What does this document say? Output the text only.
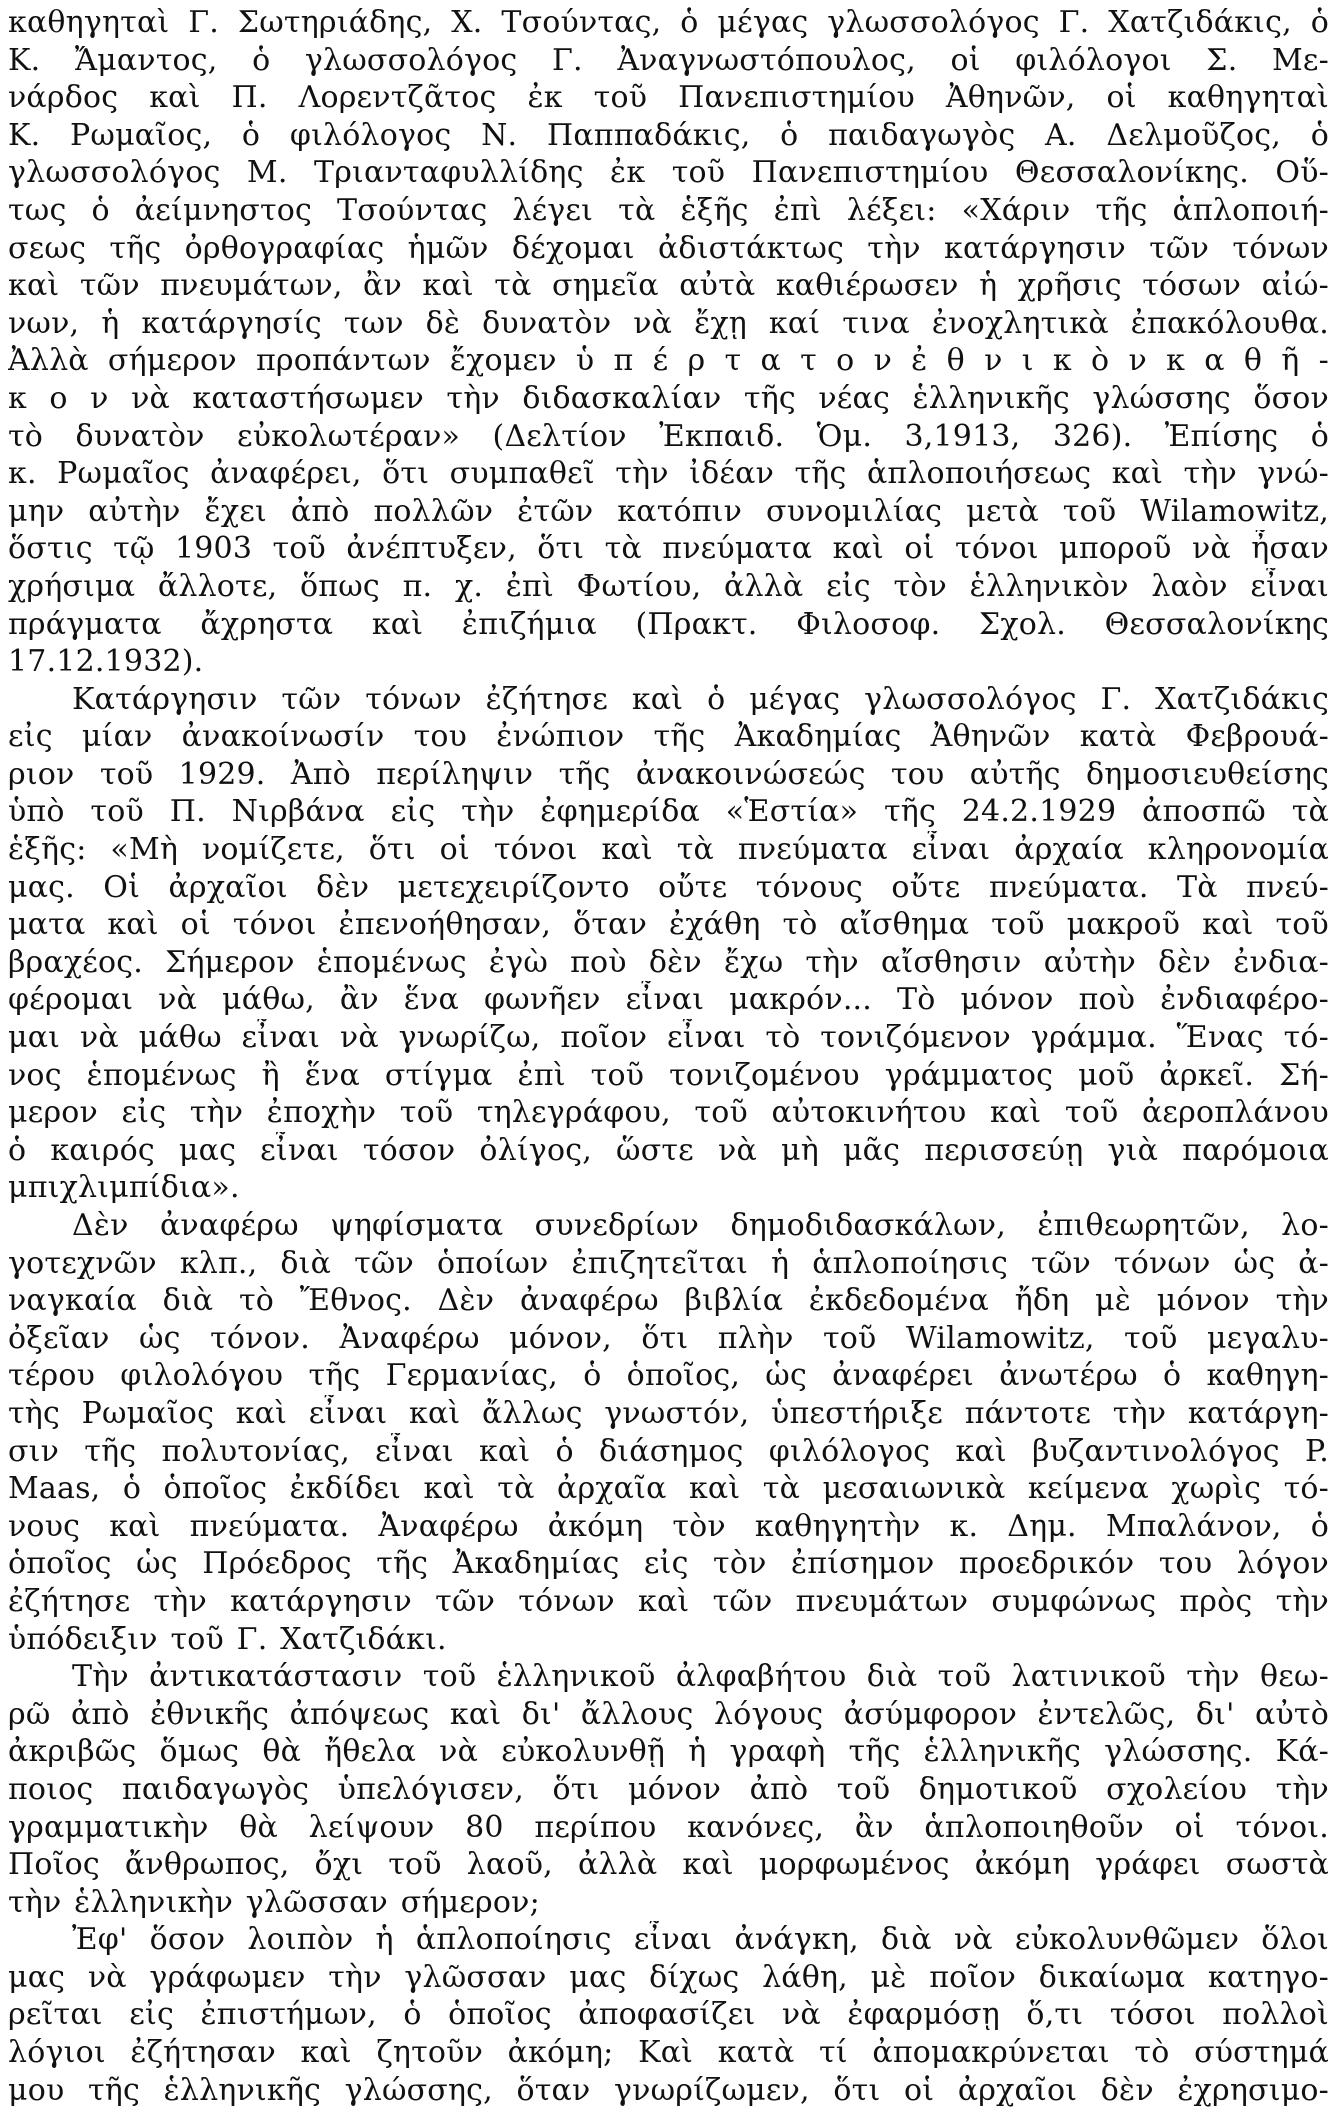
καθηγηταὶ Γ. Σωτηριάδης, Χ. Τσούντας, ὁ μέγας γλωσσολόγος Γ. Χατζιδάκις, ὁ
Κ. Ἄμαντος, ὁ γλωσσολόγος Γ. Ἀναγνωστόπουλος, οἱ φιλόλογοι Σ. Με-
νάρδος καὶ Π. Λορεντζᾶτος ἐκ τοῦ Πανεπιστημίου Ἀθηνῶν, οἱ καθηγηταὶ
Κ. Ρωμαῖος, ὁ φιλόλογος Ν. Παππαδάκις, ὁ παιδαγωγὸς Α. Δελμοῦζος, ὁ
γλωσσολόγος Μ. Τριανταφυλλίδης ἐκ τοῦ Πανεπιστημίου Θεσσαλονίκης. Οὕ-
τως ὁ ἀείμνηστος Τσούντας λέγει τὰ ἑξῆς ἐπὶ λέξει: «Χάριν τῆς ἁπλοποιή-
σεως τῆς ὀρθογραφίας ἡμῶν δέχομαι ἀδιστάκτως τὴν κατάργησιν τῶν τόνων
καὶ τῶν πνευμάτων, ἂν καὶ τὰ σημεῖα αὐτὰ καθιέρωσεν ἡ χρῆσις τόσων αἰώ-
νων, ἡ κατάργησίς των δὲ δυνατὸν νὰ ἔχῃ καί τινα ἐνοχλητικὰ ἐπακόλουθα.
Ἀλλὰ σήμερον προπάντων ἔχομεν ὑ π έ ρ τ α τ ο ν ἐ θ ν ι κ ὸ ν κ α θ ῆ -
κ ο ν νὰ καταστήσωμεν τὴν διδασκαλίαν τῆς νέας ἑλληνικῆς γλώσσης ὅσον
τὸ δυνατὸν εὐκολωτέραν» (Δελτίον Ἐκπαιδ. Ὁμ. 3,1913, 326). Ἐπίσης ὁ
κ. Ρωμαῖος ἀναφέρει, ὅτι συμπαθεῖ τὴν ἰδέαν τῆς ἁπλοποιήσεως καὶ τὴν γνώ-
μην αὐτὴν ἔχει ἀπὸ πολλῶν ἐτῶν κατόπιν συνομιλίας μετὰ τοῦ Wilamowitz,
ὅστις τῷ 1903 τοῦ ἀνέπτυξεν, ὅτι τὰ πνεύματα καὶ οἱ τόνοι μποροῦ νὰ ἦσαν
χρήσιμα ἄλλοτε, ὅπως π. χ. ἐπὶ Φωτίου, ἀλλὰ εἰς τὸν ἑλληνικὸν λαὸν εἶναι
πράγματα ἄχρηστα καὶ ἐπιζήμια (Πρακτ. Φιλοσοφ. Σχολ. Θεσσαλονίκης
17.12.1932).
Κατάργησιν τῶν τόνων ἐζήτησε καὶ ὁ μέγας γλωσσολόγος Γ. Χατζιδάκις
εἰς μίαν ἀνακοίνωσίν του ἐνώπιον τῆς Ἀκαδημίας Ἀθηνῶν κατὰ Φεβρουά-
ριον τοῦ 1929. Ἀπὸ περίληψιν τῆς ἀνακοινώσεώς του αὐτῆς δημοσιευθείσης
ὑπὸ τοῦ Π. Νιρβάνα εἰς τὴν ἐφημερίδα «Ἑστία» τῆς 24.2.1929 ἀποσπῶ τὰ
ἑξῆς: «Μὴ νομίζετε, ὅτι οἱ τόνοι καὶ τὰ πνεύματα εἶναι ἀρχαία κληρονομία
μας. Οἱ ἀρχαῖοι δὲν μετεχειρίζοντο οὔτε τόνους οὔτε πνεύματα. Τὰ πνεύ-
ματα καὶ οἱ τόνοι ἐπενοήθησαν, ὅταν ἐχάθη τὸ αἴσθημα τοῦ μακροῦ καὶ τοῦ
βραχέος. Σήμερον ἑπομένως ἐγὼ ποὺ δὲν ἔχω τὴν αἴσθησιν αὐτὴν δὲν ἐνδια-
φέρομαι νὰ μάθω, ἂν ἕνα φωνῆεν εἶναι μακρόν... Τὸ μόνον ποὺ ἐνδιαφέρο-
μαι νὰ μάθω εἶναι νὰ γνωρίζω, ποῖον εἶναι τὸ τονιζόμενον γράμμα. Ἕνας τό-
νος ἑπομένως ἢ ἕνα στίγμα ἐπὶ τοῦ τονιζομένου γράμματος μοῦ ἀρκεῖ. Σή-
μερον εἰς τὴν ἐποχὴν τοῦ τηλεγράφου, τοῦ αὐτοκινήτου καὶ τοῦ ἀεροπλάνου
ὁ καιρός μας εἶναι τόσον ὀλίγος, ὥστε νὰ μὴ μᾶς περισσεύῃ γιὰ παρόμοια
μπιχλιμπίδια».
Δὲν ἀναφέρω ψηφίσματα συνεδρίων δημοδιδασκάλων, ἐπιθεωρητῶν, λο-
γοτεχνῶν κλπ., διὰ τῶν ὁποίων ἐπιζητεῖται ἡ ἁπλοποίησις τῶν τόνων ὡς ἀ-
ναγκαία διὰ τὸ Ἔθνος. Δὲν ἀναφέρω βιβλία ἐκδεδομένα ἤδη μὲ μόνον τὴν
ὀξεῖαν ὡς τόνον. Ἀναφέρω μόνον, ὅτι πλὴν τοῦ Wilamowitz, τοῦ μεγαλυ-
τέρου φιλολόγου τῆς Γερμανίας, ὁ ὁποῖος, ὡς ἀναφέρει ἀνωτέρω ὁ καθηγη-
τὴς Ρωμαῖος καὶ εἶναι καὶ ἄλλως γνωστόν, ὑπεστήριξε πάντοτε τὴν κατάργη-
σιν τῆς πολυτονίας, εἶναι καὶ ὁ διάσημος φιλόλογος καὶ βυζαντινολόγος P.
Maas, ὁ ὁποῖος ἐκδίδει καὶ τὰ ἀρχαῖα καὶ τὰ μεσαιωνικὰ κείμενα χωρὶς τό-
νους καὶ πνεύματα. Ἀναφέρω ἀκόμη τὸν καθηγητὴν κ. Δημ. Μπαλάνον, ὁ
ὁποῖος ὡς Πρόεδρος τῆς Ἀκαδημίας εἰς τὸν ἐπίσημον προεδρικόν του λόγον
ἐζήτησε τὴν κατάργησιν τῶν τόνων καὶ τῶν πνευμάτων συμφώνως πρὸς τὴν
ὑπόδειξιν τοῦ Γ. Χατζιδάκι.
Τὴν ἀντικατάστασιν τοῦ ἑλληνικοῦ ἀλφαβήτου διὰ τοῦ λατινικοῦ τὴν θεω-
ρῶ ἀπὸ ἐθνικῆς ἀπόψεως καὶ δι' ἄλλους λόγους ἀσύμφορον ἐντελῶς, δι' αὐτὸ
ἀκριβῶς ὅμως θὰ ἤθελα νὰ εὐκολυνθῇ ἡ γραφὴ τῆς ἑλληνικῆς γλώσσης. Κά-
ποιος παιδαγωγὸς ὑπελόγισεν, ὅτι μόνον ἀπὸ τοῦ δημοτικοῦ σχολείου τὴν
γραμματικὴν θὰ λείψουν 80 περίπου κανόνες, ἂν ἁπλοποιηθοῦν οἱ τόνοι.
Ποῖος ἄνθρωπος, ὄχι τοῦ λαοῦ, ἀλλὰ καὶ μορφωμένος ἀκόμη γράφει σωστὰ
τὴν ἑλληνικὴν γλῶσσαν σήμερον;
Ἐφ' ὅσον λοιπὸν ἡ ἁπλοποίησις εἶναι ἀνάγκη, διὰ νὰ εὐκολυνθῶμεν ὅλοι
μας νὰ γράφωμεν τὴν γλῶσσαν μας δίχως λάθη, μὲ ποῖον δικαίωμα κατηγο-
ρεῖται εἰς ἐπιστήμων, ὁ ὁποῖος ἀποφασίζει νὰ ἐφαρμόσῃ ὅ,τι τόσοι πολλοὶ
λόγιοι ἐζήτησαν καὶ ζητοῦν ἀκόμη; Καὶ κατὰ τί ἀπομακρύνεται τὸ σύστημά
μου τῆς ἑλληνικῆς γλώσσης, ὅταν γνωρίζωμεν, ὅτι οἱ ἀρχαῖοι δὲν ἐχρησιμο-
